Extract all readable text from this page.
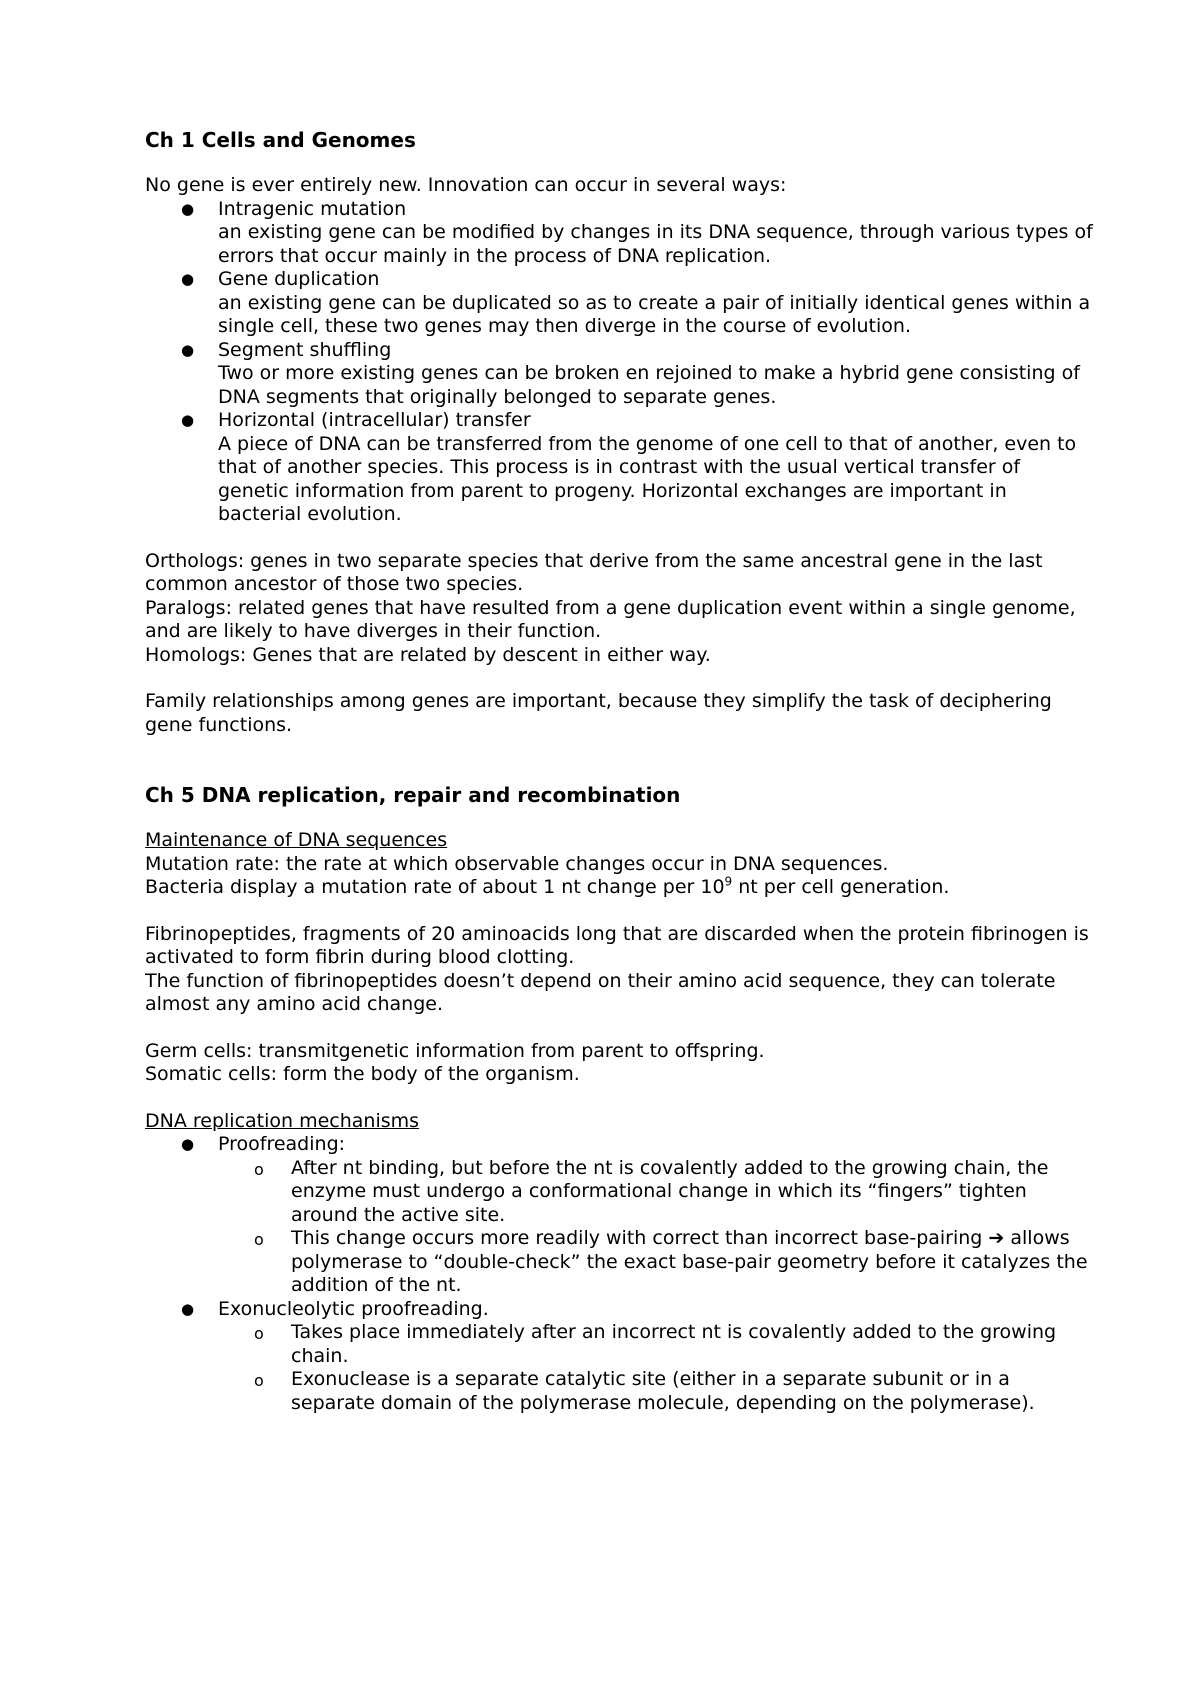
Ch 1 Cells and Genomes

No gene is ever entirely new. Innovation can occur in several ways:

● Intragenic mutation
an existing gene can be modified by changes in its DNA sequence, through various types of errors that occur mainly in the process of DNA replication.
● Gene duplication
an existing gene can be duplicated so as to create a pair of initially identical genes within a single cell, these two genes may then diverge in the course of evolution.
● Segment shuffling
Two or more existing genes can be broken en rejoined to make a hybrid gene consisting of DNA segments that originally belonged to separate genes.
● Horizontal (intracellular) transfer
A piece of DNA can be transferred from the genome of one cell to that of another, even to that of another species. This process is in contrast with the usual vertical transfer of genetic information from parent to progeny. Horizontal exchanges are important in bacterial evolution.

Orthologs: genes in two separate species that derive from the same ancestral gene in the last common ancestor of those two species.

Paralogs: related genes that have resulted from a gene duplication event within a single genome, and are likely to have diverges in their function.

Homologs: Genes that are related by descent in either way.

Family relationships among genes are important, because they simplify the task of deciphering gene functions.

Ch 5 DNA replication, repair and recombination

Maintenance of DNA sequences

Mutation rate: the rate at which observable changes occur in DNA sequences.

Bacteria display a mutation rate of about 1 nt change per $10^9$ nt per cell generation.

Fibrinopeptides, fragments of 20 aminoacids long that are discarded when the protein fibrinogen is activated to form fibrin during blood clotting.

The function of fibrinopeptides doesn’t depend on their amino acid sequence, they can tolerate almost any amino acid change.

Germ cells: transmitgenetic information from parent to offspring.

Somatic cells: form the body of the organism.

DNA replication mechanisms

● Proofreading:
o After nt binding, but before the nt is covalently added to the growing chain, the enzyme must undergo a conformational change in which its “fingers” tighten around the active site.
o This change occurs more readily with correct than incorrect base-pairing ➔ allows polymerase to “double-check” the exact base-pair geometry before it catalyzes the addition of the nt.
● Exonucleolytic proofreading.
o Takes place immediately after an incorrect nt is covalently added to the growing chain.
o Exonuclease is a separate catalytic site (either in a separate subunit or in a separate domain of the polymerase molecule, depending on the polymerase).
